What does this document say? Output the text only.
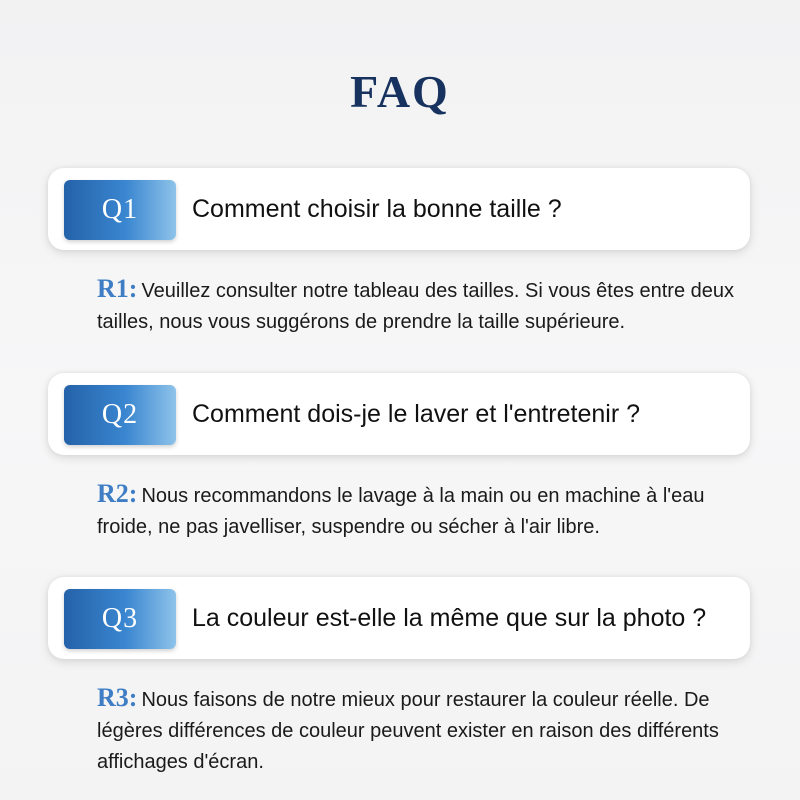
FAQ
Q1	Comment choisir la bonne taille ?
R1: Veuillez consulter notre tableau des tailles. Si vous êtes entre deux tailles, nous vous suggérons de prendre la taille supérieure.
Q2	Comment dois-je le laver et l'entretenir ?
R2: Nous recommandons le lavage à la main ou en machine à l'eau froide, ne pas javelliser, suspendre ou sécher à l'air libre.
Q3	La couleur est-elle la même que sur la photo ?
R3: Nous faisons de notre mieux pour restaurer la couleur réelle. De légères différences de couleur peuvent exister en raison des différents affichages d'écran.
